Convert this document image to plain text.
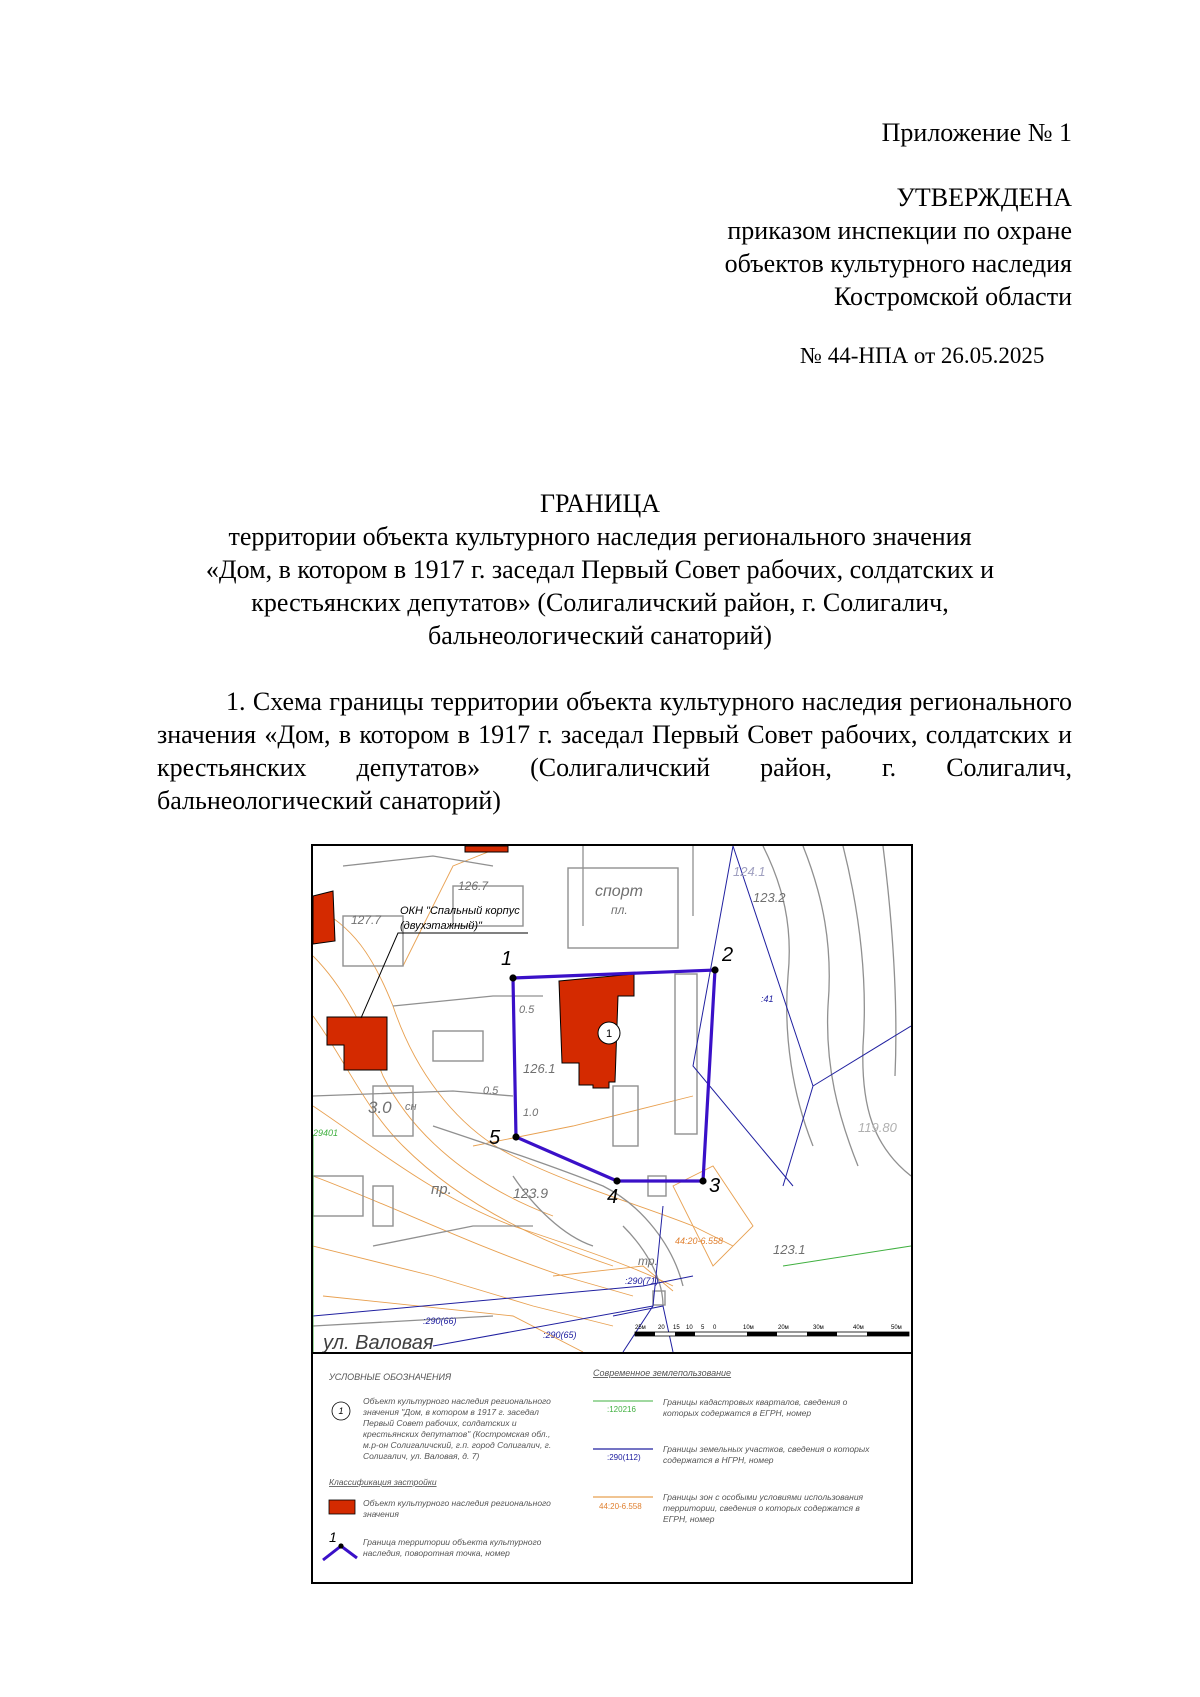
Приложение № 1
УТВЕРЖДЕНА
приказом инспекции по охране
объектов культурного наследия
Костромской области
№ 44-НПА от 26.05.2025
ГРАНИЦА
территории объекта культурного наследия регионального значения
«Дом, в котором в 1917 г. заседал Первый Совет рабочих, солдатских и
крестьянских депутатов» (Солигаличский район, г. Солигалич,
бальнеологический санаторий)
1. Схема границы территории объекта культурного наследия регионального значения «Дом, в котором в 1917 г. заседал Первый Совет рабочих, солдатских и крестьянских депутатов» (Солигаличский район, г. Солигалич, бальнеологический санаторий)
ОКН "Спальный корпус
(двухэтажный)"
спорт
пл.
пр.
тр.
ул. Валовая
127.7
126.1
123.9
123.2
123.1
124.1
126.7
119.80
0.5
0.5
1.0
29401
:41
:290(71)
:290(66)
:290(65)
44:20-6.558
3.0 сн
1	2
3
4
5
1
25м 20 15 10 5 0	10м	20м	30м	40м	50м
УСЛОВНЫЕ ОБОЗНАЧЕНИЯ
1
Объект культурного наследия регионального
значения "Дом, в котором в 1917 г. заседал
Первый Совет рабочих, солдатских и
крестьянских депутатов" (Костромская обл.,
м.р-он Солигаличский, г.п. город Солигалич, г.
Солигалич, ул. Валовая, д. 7)
Классификация застройки
Объект культурного наследия регионального
значения
1	Граница территории объекта культурного
наследия, поворотная точка, номер
Современное землепользование
:120216
Границы кадастровых кварталов, сведения о
которых содержатся в ЕГРН, номер
:290(112)
Границы земельных участков, сведения о которых
содержатся в НГРН, номер
44:20-6.558
Границы зон с особыми условиями использования
территории, сведения о которых содержатся в
ЕГРН, номер
